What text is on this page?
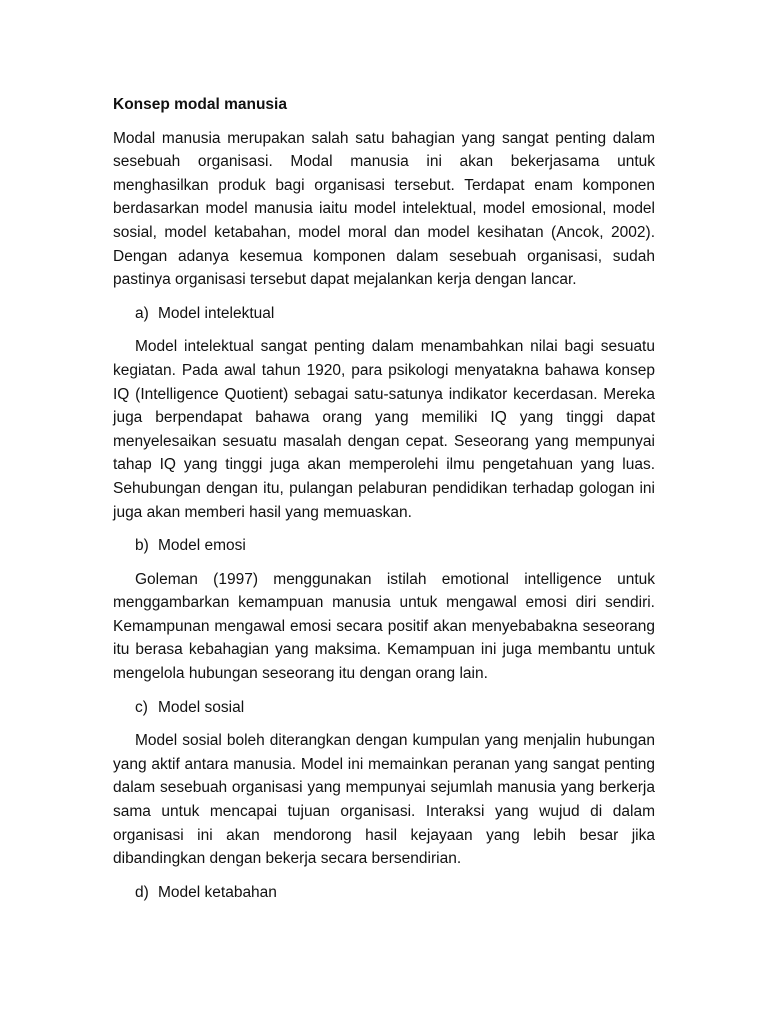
Konsep modal manusia

Modal manusia merupakan salah satu bahagian yang sangat penting dalam sesebuah organisasi. Modal manusia ini akan bekerjasama untuk menghasilkan produk bagi organisasi tersebut. Terdapat enam komponen berdasarkan model manusia iaitu model intelektual, model emosional, model sosial, model ketabahan, model moral dan model kesihatan (Ancok, 2002). Dengan adanya kesemua komponen dalam sesebuah organisasi, sudah pastinya organisasi tersebut dapat mejalankan kerja dengan lancar.

a) Model intelektual

Model intelektual sangat penting dalam menambahkan nilai bagi sesuatu kegiatan. Pada awal tahun 1920, para psikologi menyatakna bahawa konsep IQ (Intelligence Quotient) sebagai satu-satunya indikator kecerdasan. Mereka juga berpendapat bahawa orang yang memiliki IQ yang tinggi dapat menyelesaikan sesuatu masalah dengan cepat. Seseorang yang mempunyai tahap IQ yang tinggi juga akan memperolehi ilmu pengetahuan yang luas. Sehubungan dengan itu, pulangan pelaburan pendidikan terhadap gologan ini juga akan memberi hasil yang memuaskan.

b) Model emosi

Goleman (1997) menggunakan istilah emotional intelligence untuk menggambarkan kemampuan manusia untuk mengawal emosi diri sendiri. Kemampunan mengawal emosi secara positif akan menyebabakna seseorang itu berasa kebahagian yang maksima. Kemampuan ini juga membantu untuk mengelola hubungan seseorang itu dengan orang lain.

c) Model sosial

Model sosial boleh diterangkan dengan kumpulan yang menjalin hubungan yang aktif antara manusia. Model ini memainkan peranan yang sangat penting dalam sesebuah organisasi yang mempunyai sejumlah manusia yang berkerja sama untuk mencapai tujuan organisasi. Interaksi yang wujud di dalam organisasi ini akan mendorong hasil kejayaan yang lebih besar jika dibandingkan dengan bekerja secara bersendirian.

d) Model ketabahan
